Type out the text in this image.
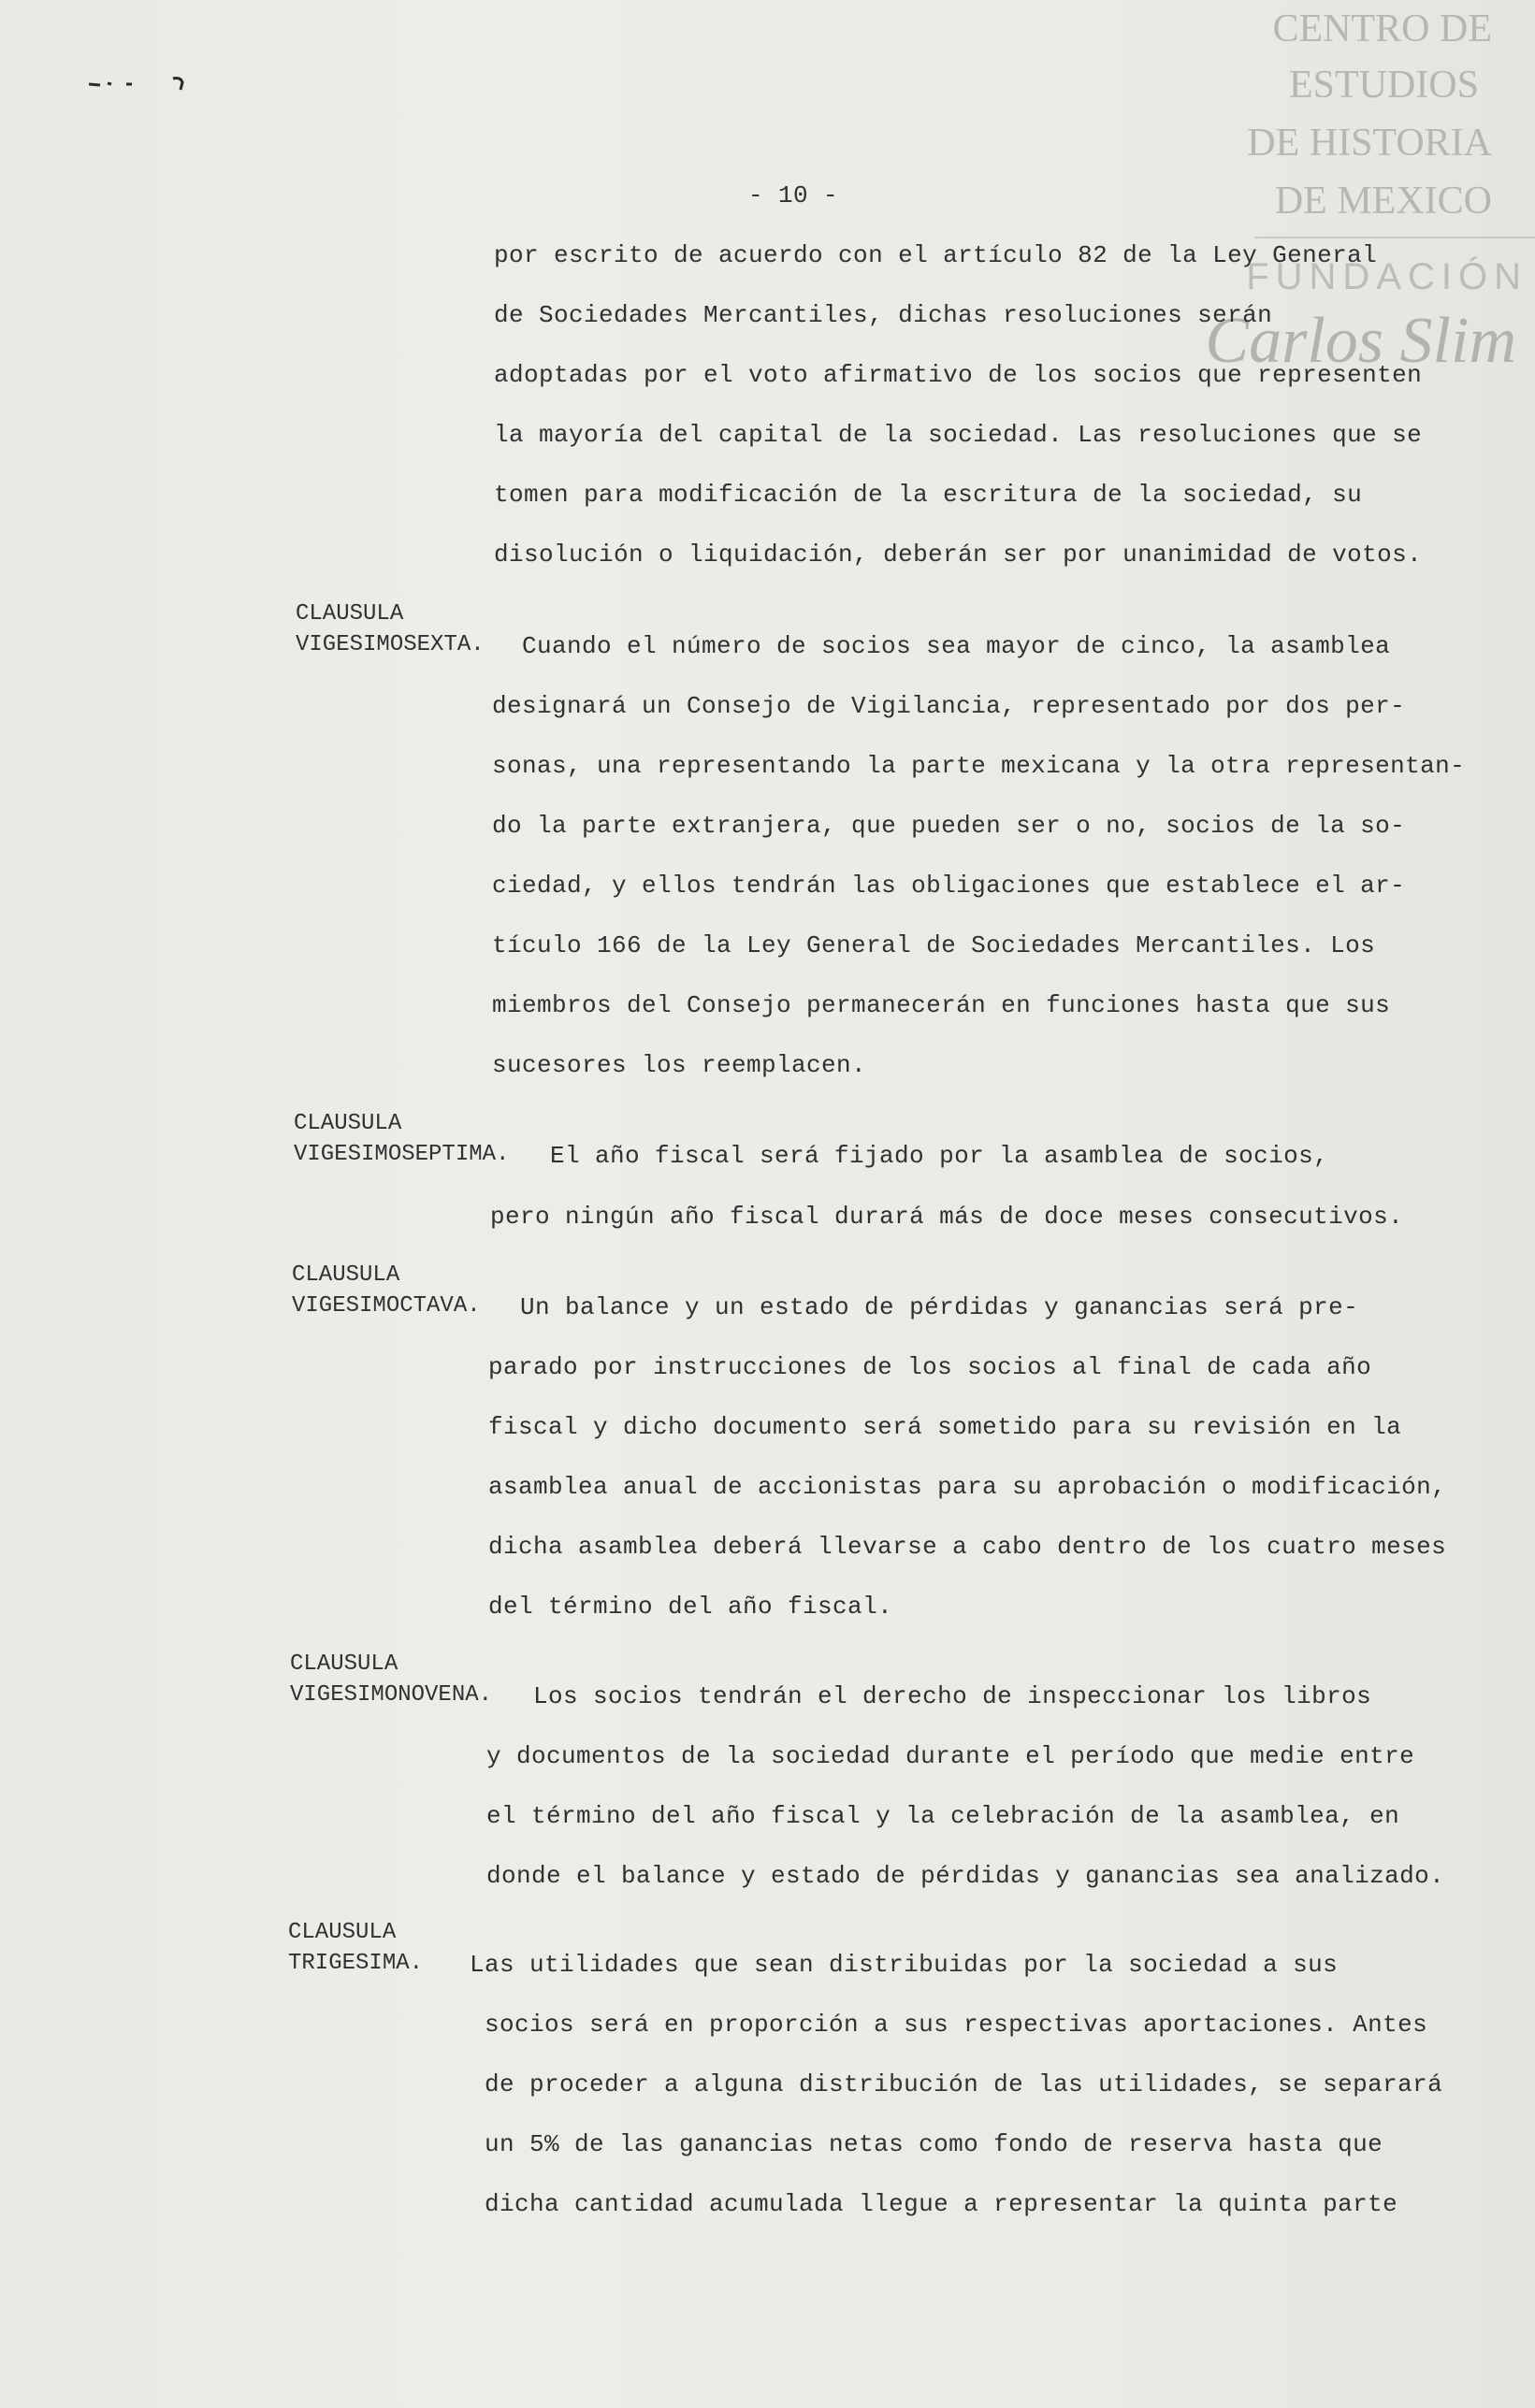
CENTRO DE
ESTUDIOS
DE HISTORIA
DE MEXICO
FUNDACIÓN
Carlos Slim
- 10 -
por escrito de acuerdo con el artículo 82 de la Ley General
de Sociedades Mercantiles, dichas resoluciones serán
adoptadas por el voto afirmativo de los socios que representen
la mayoría del capital de la sociedad. Las resoluciones que se
tomen para modificación de la escritura de la sociedad, su
disolución o liquidación, deberán ser por unanimidad de votos.
CLAUSULA
VIGESIMOSEXTA. Cuando el número de socios sea mayor de cinco, la asamblea
designará un Consejo de Vigilancia, representado por dos per-
sonas, una representando la parte mexicana y la otra representan-
do la parte extranjera, que pueden ser o no, socios de la so-
ciedad, y ellos tendrán las obligaciones que establece el ar-
tículo 166 de la Ley General de Sociedades Mercantiles. Los
miembros del Consejo permanecerán en funciones hasta que sus
sucesores los reemplacen.
CLAUSULA
VIGESIMOSEPTIMA. El año fiscal será fijado por la asamblea de socios,
pero ningún año fiscal durará más de doce meses consecutivos.
CLAUSULA
VIGESIMOCTAVA. Un balance y un estado de pérdidas y ganancias será pre-
parado por instrucciones de los socios al final de cada año
fiscal y dicho documento será sometido para su revisión en la
asamblea anual de accionistas para su aprobación o modificación,
dicha asamblea deberá llevarse a cabo dentro de los cuatro meses
del término del año fiscal.
CLAUSULA
VIGESIMONOVENA. Los socios tendrán el derecho de inspeccionar los libros
y documentos de la sociedad durante el período que medie entre
el término del año fiscal y la celebración de la asamblea, en
donde el balance y estado de pérdidas y ganancias sea analizado.
CLAUSULA
TRIGESIMA. Las utilidades que sean distribuidas por la sociedad a sus
socios será en proporción a sus respectivas aportaciones. Antes
de proceder a alguna distribución de las utilidades, se separará
un 5% de las ganancias netas como fondo de reserva hasta que
dicha cantidad acumulada llegue a representar la quinta parte
